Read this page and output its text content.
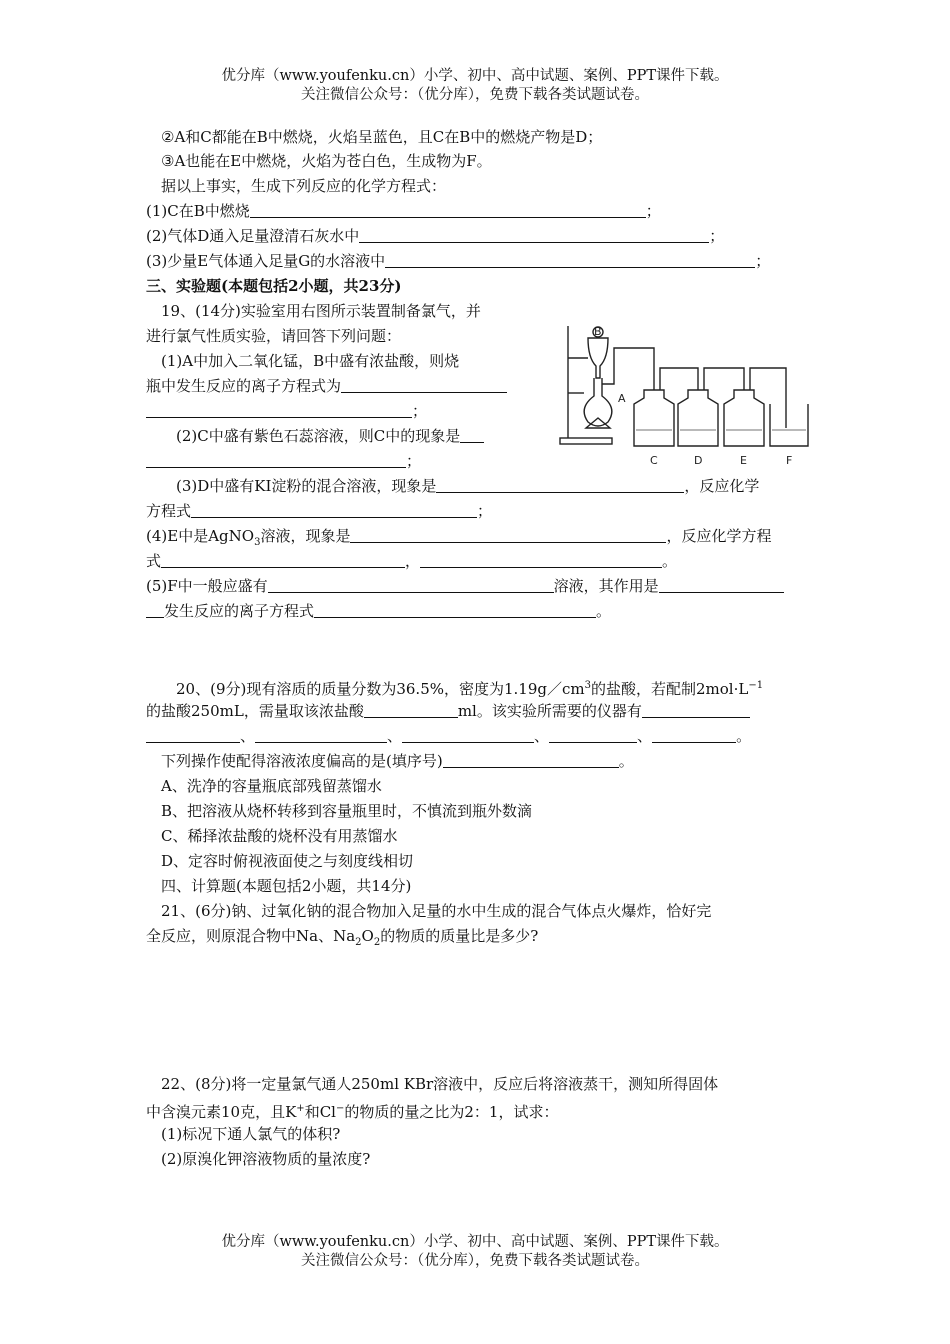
优分库（www.youfenku.cn）小学、初中、高中试题、案例、PPT课件下载。
关注微信公众号：（优分库），免费下载各类试题试卷。
②A和C都能在B中燃烧，火焰呈蓝色，且C在B中的燃烧产物是D；
③A也能在E中燃烧，火焰为苍白色，生成物为F。
据以上事实，生成下列反应的化学方程式：
(1)C在B中燃烧	；
(2)气体D通入足量澄清石灰水中	；
(3)少量E气体通入足量G的水溶液中	；
三、实验题(本题包括2小题，共23分)
19、(14分)实验室用右图所示装置制备氯气，并
进行氯气性质实验，请回答下列问题：
(1)A中加入二氧化锰，B中盛有浓盐酸，则烧
瓶中发生反应的离子方程式为
；
(2)C中盛有紫色石蕊溶液，则C中的现象是
；
(3)D中盛有KI淀粉的混合溶液，现象是	，反应化学
方程式	；
(4)E中是AgNO$_3$溶液，现象是	，反应化学方程
式	，	。
(5)F中一般应盛有	溶液，其作用是
发生反应的离子方程式	。
B
A
C	D	E	F
20、(9分)现有溶质的质量分数为36.5%，密度为$1.19g/cm^3$的盐酸，若配制$2mol\cdot L^{-1}$
的盐酸250mL，需量取该浓盐酸	ml。该实验所需要的仪器有
、	、	、	、	。
下列操作使配得溶液浓度偏高的是(填序号)	。
A、洗净的容量瓶底部残留蒸馏水
B、把溶液从烧杯转移到容量瓶里时，不慎流到瓶外数滴
C、稀择浓盐酸的烧杯没有用蒸馏水
D、定容时俯视液面使之与刻度线相切
四、计算题(本题包括2小题，共14分)
21、(6分)钠、过氧化钠的混合物加入足量的水中生成的混合气体点火爆炸，恰好完
全反应，则原混合物中Na、$Na_2O_2$的物质的质量比是多少?
22、(8分)将一定量氯气通人250ml KBr溶液中，反应后将溶液蒸干，测知所得固体
中含溴元素10克，且K+和Cl−的物质的量之比为2：1，试求：
(1)标况下通人氯气的体积?
(2)原溴化钾溶液物质的量浓度?
优分库（www.youfenku.cn）小学、初中、高中试题、案例、PPT课件下载。
关注微信公众号：（优分库），免费下载各类试题试卷。
